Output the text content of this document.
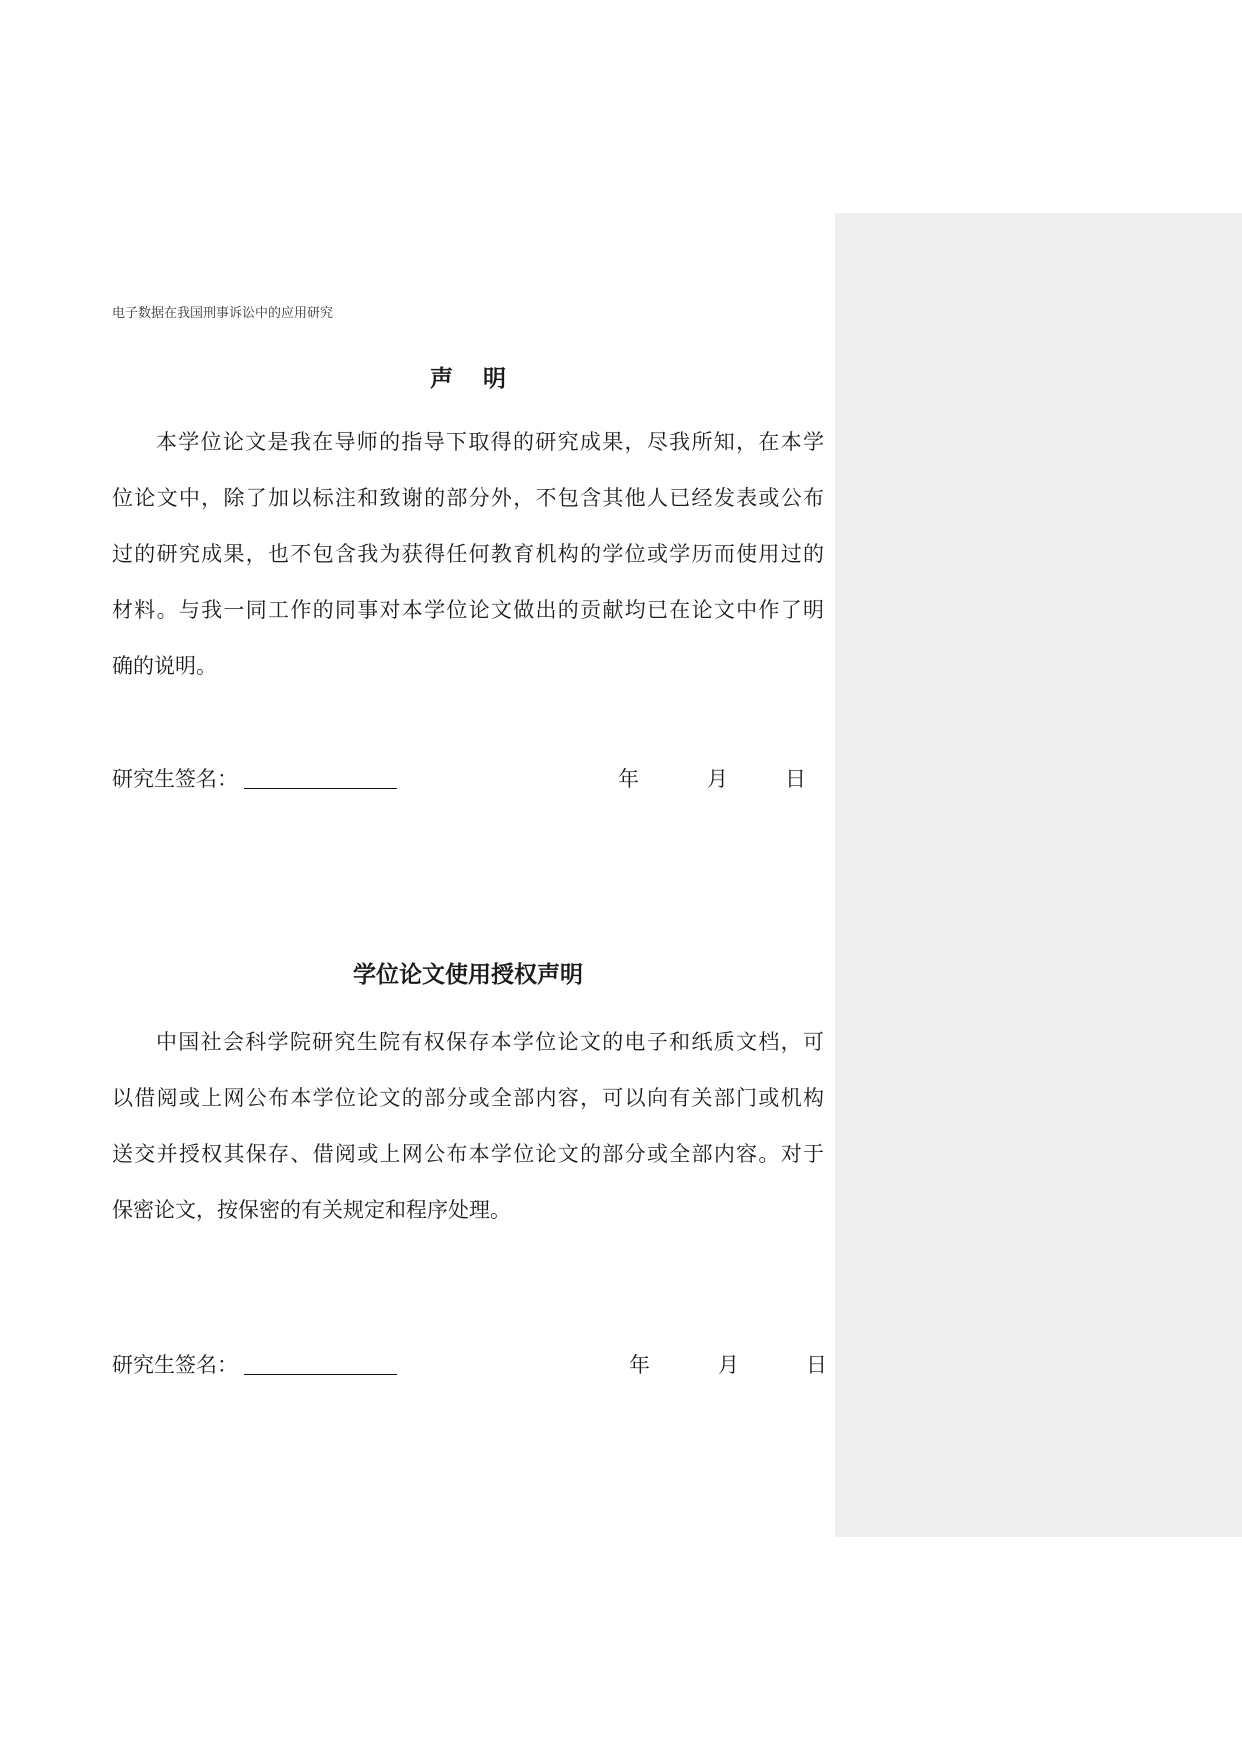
电子数据在我国刑事诉讼中的应用研究
声明
本学位论文是我在导师的指导下取得的研究成果，尽我所知，在本学
位论文中，除了加以标注和致谢的部分外，不包含其他人已经发表或公布
过的研究成果，也不包含我为获得任何教育机构的学位或学历而使用过的
材料。与我一同工作的同事对本学位论文做出的贡献均已在论文中作了明
确的说明。
研究生签名：	年	月	日
学位论文使用授权声明
中国社会科学院研究生院有权保存本学位论文的电子和纸质文档，可
以借阅或上网公布本学位论文的部分或全部内容，可以向有关部门或机构
送交并授权其保存、借阅或上网公布本学位论文的部分或全部内容。对于
保密论文，按保密的有关规定和程序处理。
研究生签名：	年	月	日
